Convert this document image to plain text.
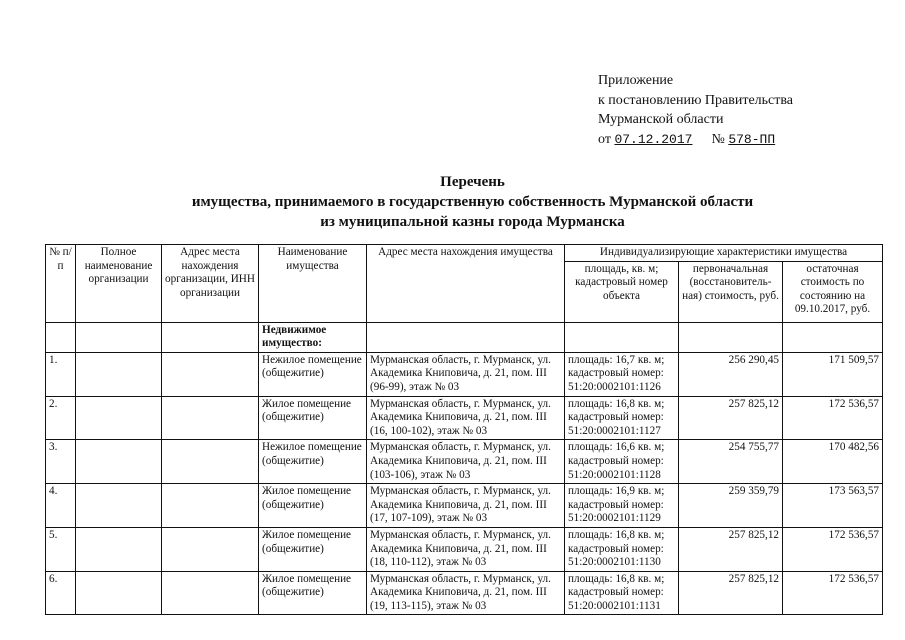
Приложение
к постановлению Правительства
Мурманской области
от 07.12.2017 № 578-ПП
Перечень
имущества, принимаемого в государственную собственность Мурманской области
из муниципальной казны города Мурманска
№ п/п	Полное наименование организации	Адрес места нахождения организации, ИНН организации	Наименование имущества	Адрес места нахождения имущества	Индивидуализирующие характеристики имущества		
					площадь, кв. м; кадастровый номер объекта	первоначальная (восстановитель-ная) стоимость, руб.	остаточная стоимость по состоянию на 09.10.2017, руб.
			Недвижимое имущество:				
1.			Нежилое помещение (общежитие)	Мурманская область, г. Мурманск, ул. Академика Книповича, д. 21, пом. III (96-99), этаж № 03	площадь: 16,7 кв. м; кадастровый номер: 51:20:0002101:1126	256 290,45	171 509,57
2.			Жилое помещение (общежитие)	Мурманская область, г. Мурманск, ул. Академика Книповича, д. 21, пом. III (16, 100-102), этаж № 03	площадь: 16,8 кв. м; кадастровый номер: 51:20:0002101:1127	257 825,12	172 536,57
3.			Нежилое помещение (общежитие)	Мурманская область, г. Мурманск, ул. Академика Книповича, д. 21, пом. III (103-106), этаж № 03	площадь: 16,6 кв. м; кадастровый номер: 51:20:0002101:1128	254 755,77	170 482,56
4.			Жилое помещение (общежитие)	Мурманская область, г. Мурманск, ул. Академика Книповича, д. 21, пом. III (17, 107-109), этаж № 03	площадь: 16,9 кв. м; кадастровый номер: 51:20:0002101:1129	259 359,79	173 563,57
5.			Жилое помещение (общежитие)	Мурманская область, г. Мурманск, ул. Академика Книповича, д. 21, пом. III (18, 110-112), этаж № 03	площадь: 16,8 кв. м; кадастровый номер: 51:20:0002101:1130	257 825,12	172 536,57
6.			Жилое помещение (общежитие)	Мурманская область, г. Мурманск, ул. Академика Книповича, д. 21, пом. III (19, 113-115), этаж № 03	площадь: 16,8 кв. м; кадастровый номер: 51:20:0002101:1131	257 825,12	172 536,57
